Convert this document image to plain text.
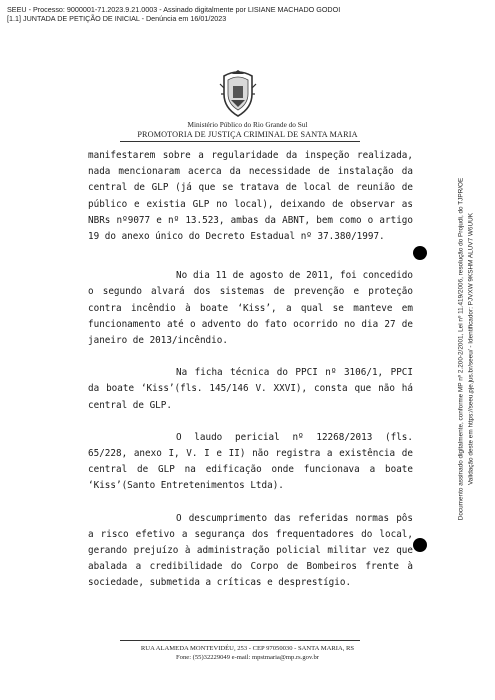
SEEU - Processo: 9000001-71.2023.9.21.0003 - Assinado digitalmente por LISIANE MACHADO GODOI
[1.1] JUNTADA DE PETIÇÃO DE INICIAL - Denúncia em 16/01/2023
Ministério Público do Rio Grande do Sul
PROMOTORIA DE JUSTIÇA CRIMINAL DE SANTA MARIA

manifestarem sobre a regularidade da inspeção realizada, nada mencionaram acerca da necessidade de instalação da central de GLP (já que se tratava de local de reunião de público e existia GLP no local), deixando de observar as NBRs nº9077 e nº 13.523, ambas da ABNT, bem como o artigo 19 do anexo único do Decreto Estadual nº 37.380/1997.

No dia 11 de agosto de 2011, foi concedido o segundo alvará dos sistemas de prevenção e proteção contra incêndio à boate ‘Kiss’, a qual se manteve em funcionamento até o advento do fato ocorrido no dia 27 de janeiro de 2013/incêndio.

Na ficha técnica do PPCI nº 3106/1, PPCI da boate ‘Kiss’(fls. 145/146 V. XXVI), consta que não há central de GLP.

O laudo pericial nº 12268/2013 (fls. 65/228, anexo I, V. I e II) não registra a existência de central de GLP na edificação onde funcionava a boate ‘Kiss’(Santo Entretenimentos Ltda).

O descumprimento das referidas normas pôs a risco efetivo a segurança dos frequentadores do local, gerando prejuízo à administração policial militar vez que abalada a credibilidade do Corpo de Bombeiros frente à sociedade, submetida a críticas e desprestígio.

Documento assinado digitalmente, conforme MP nº 2.200-2/2001, Lei nº 11.419/2006, resolução do Projudi, do TJPR/OE Validação deste em https://seeu.pje.jus.br/seeu/ - Identificador: PJVXW 9KSHM ALUV7 W6UUK
RUA ALAMEDA MONTEVIDÉU, 253 - CEP 97050030 - SANTA MARIA, RS
Fone: (55)32229049 e-mail: mpstmaria@mp.rs.gov.br
